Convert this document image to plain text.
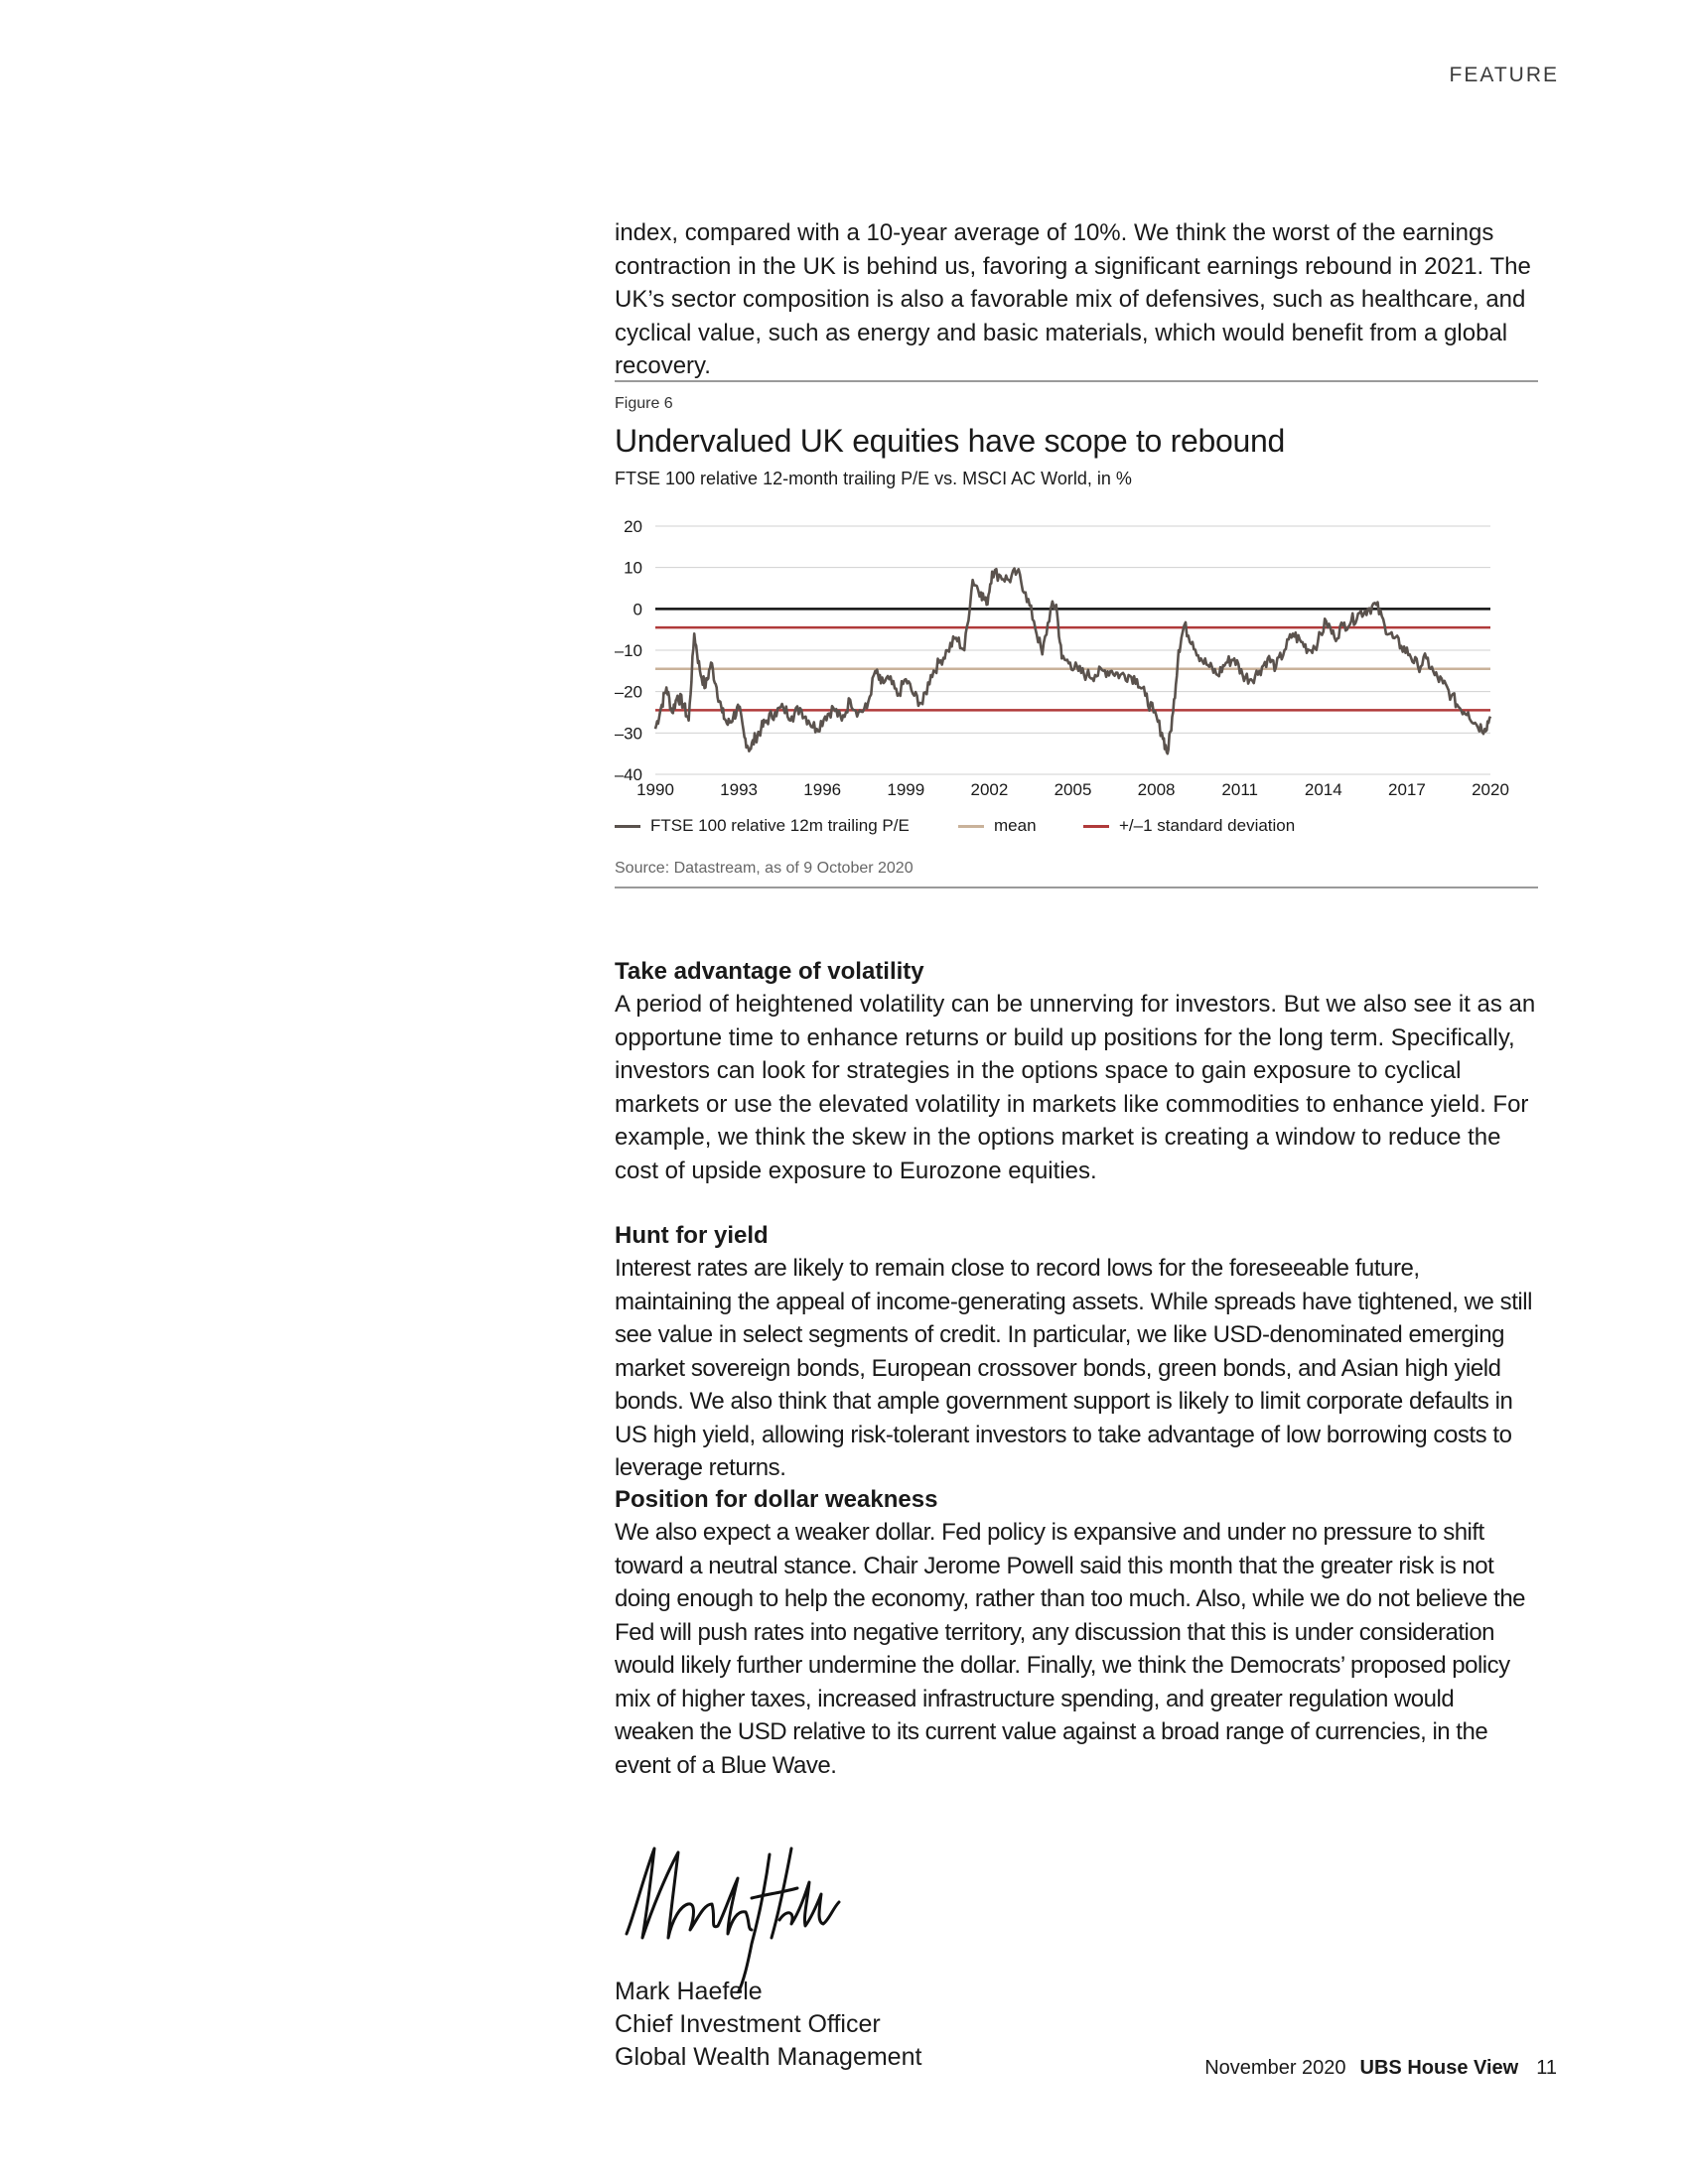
FEATURE

index, compared with a 10-year average of 10%. We think the worst of the earnings contraction in the UK is behind us, favoring a significant earnings rebound in 2021. The UK’s sector composition is also a favorable mix of defensives, such as healthcare, and cyclical value, such as energy and basic materials, which would benefit from a global recovery.

Figure 6
Undervalued UK equities have scope to rebound
FTSE 100 relative 12-month trailing P/E vs. MSCI AC World, in %
20
10
0
–10
–20
–30
–40
1990	1993	1996	1999	2002	2005	2008	2011	2014	2017	2020
FTSE 100 relative 12m trailing P/E	mean	+/–1 standard deviation
Source: Datastream, as of 9 October 2020
Take advantage of volatility

A period of heightened volatility can be unnerving for investors. But we also see it as an opportune time to enhance returns or build up positions for the long term. Specifically, investors can look for strategies in the options space to gain exposure to cyclical markets or use the elevated volatility in markets like commodities to enhance yield. For example, we think the skew in the options market is creating a window to reduce the cost of upside exposure to Eurozone equities.

Hunt for yield

Interest rates are likely to remain close to record lows for the foreseeable future, maintaining the appeal of income-generating assets. While spreads have tightened, we still see value in select segments of credit. In particular, we like USD-denominated emerging market sovereign bonds, European crossover bonds, green bonds, and Asian high yield bonds. We also think that ample government support is likely to limit corporate defaults in US high yield, allowing risk-tolerant investors to take advantage of low borrowing costs to leverage returns.

Position for dollar weakness

We also expect a weaker dollar. Fed policy is expansive and under no pressure to shift toward a neutral stance. Chair Jerome Powell said this month that the greater risk is not doing enough to help the economy, rather than too much. Also, while we do not believe the Fed will push rates into negative territory, any discussion that this is under consideration would likely further undermine the dollar. Finally, we think the Democrats’ proposed policy mix of higher taxes, increased infrastructure spending, and greater regulation would weaken the USD relative to its current value against a broad range of currencies, in the event of a Blue Wave.

Mark Haefele
Chief Investment Officer
Global Wealth Management	November 2020 UBS House View 11
